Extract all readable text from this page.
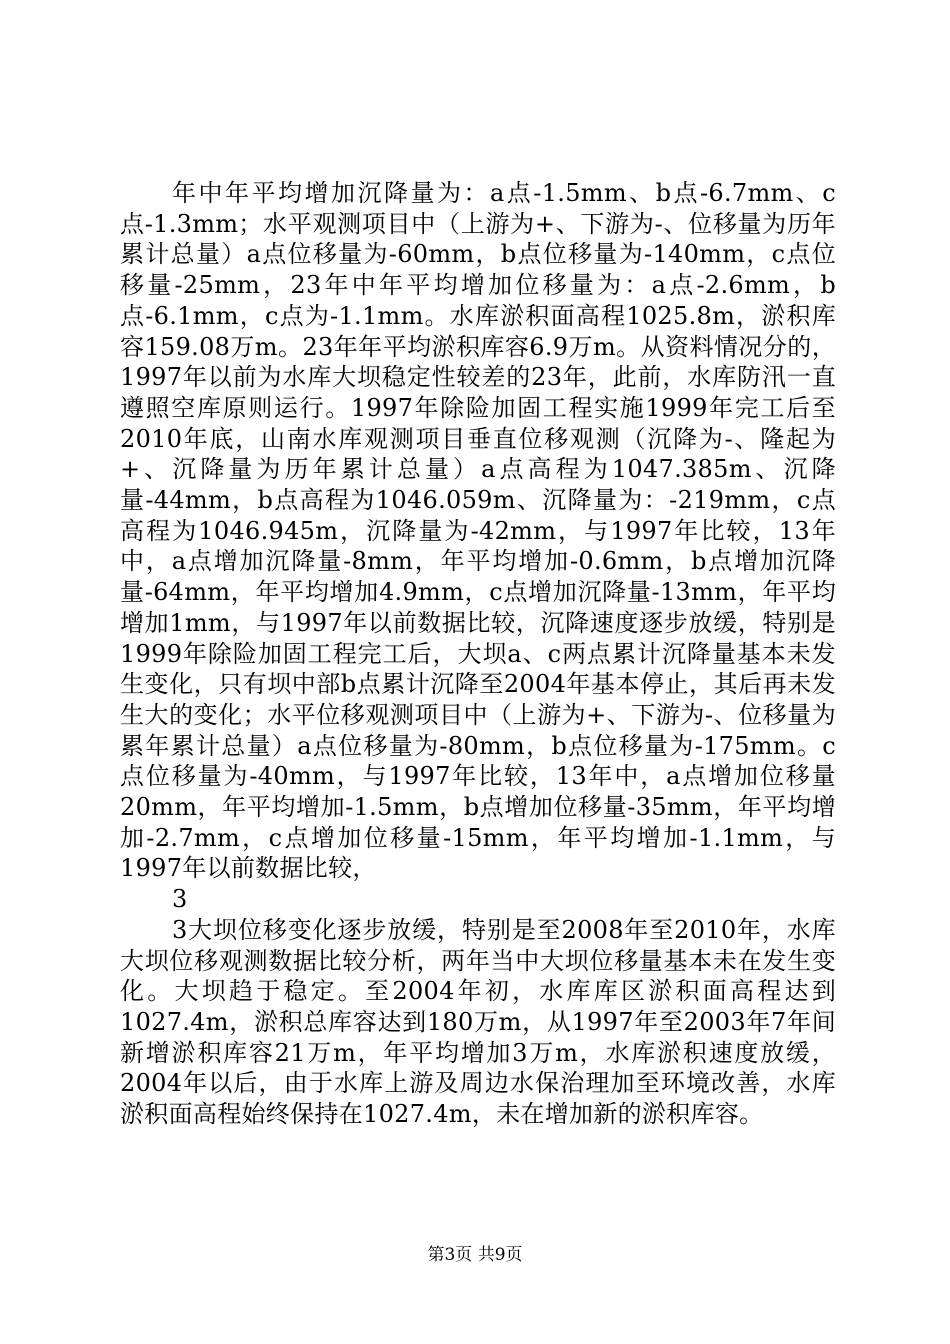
年中年平均增加沉降量为：a点-1.5mm、b点-6.7mm、c点-1.3mm；水平观测项目中（上游为+、下游为-、位移量为历年累计总量）a点位移量为-60mm，b点位移量为-140mm，c点位移量-25mm，23年中年平均增加位移量为：a点-2.6mm，b点-6.1mm，c点为-1.1mm。水库淤积面高程1025.8m，淤积库容159.08万m。23年年平均淤积库容6.9万m。从资料情况分的，1997年以前为水库大坝稳定性较差的23年，此前，水库防汛一直遵照空库原则运行。1997年除险加固工程实施1999年完工后至2010年底，山南水库观测项目垂直位移观测（沉降为-、隆起为+、沉降量为历年累计总量）a点高程为1047.385m、沉降量-44mm，b点高程为1046.059m、沉降量为：-219mm，c点高程为1046.945m，沉降量为-42mm，与1997年比较，13年中，a点增加沉降量-8mm，年平均增加-0.6mm，b点增加沉降量-64mm，年平均增加4.9mm，c点增加沉降量-13mm，年平均增加1mm，与1997年以前数据比较，沉降速度逐步放缓，特别是1999年除险加固工程完工后，大坝a、c两点累计沉降量基本未发生变化，只有坝中部b点累计沉降至2004年基本停止，其后再未发生大的变化；水平位移观测项目中（上游为+、下游为-、位移量为累年累计总量）a点位移量为-80mm，b点位移量为-175mm。c点位移量为-40mm，与1997年比较，13年中，a点增加位移量20mm，年平均增加-1.5mm，b点增加位移量-35mm，年平均增加-2.7mm，c点增加位移量-15mm，年平均增加-1.1mm，与1997年以前数据比较，

3

3大坝位移变化逐步放缓，特别是至2008年至2010年，水库大坝位移观测数据比较分析，两年当中大坝位移量基本未在发生变化。大坝趋于稳定。至2004年初，水库库区淤积面高程达到1027.4m，淤积总库容达到180万m，从1997年至2003年7年间新增淤积库容21万m，年平均增加3万m，水库淤积速度放缓，2004年以后，由于水库上游及周边水保治理加至环境改善，水库淤积面高程始终保持在1027.4m，未在增加新的淤积库容。

第3页 共9页
